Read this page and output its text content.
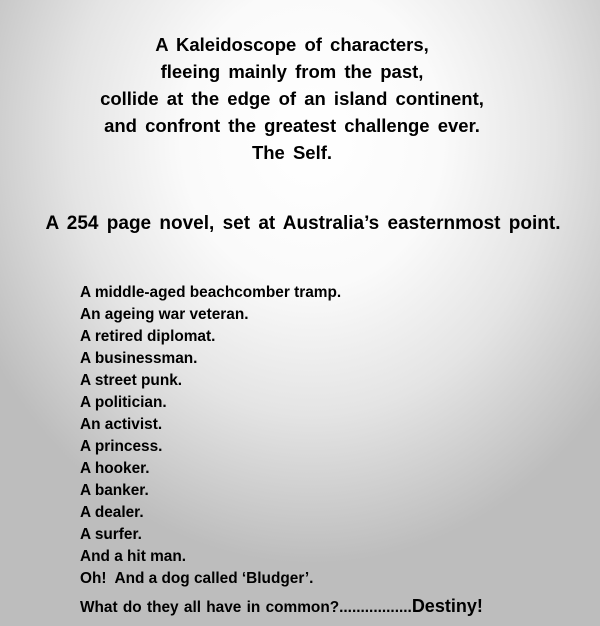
A Kaleidoscope of characters,
fleeing mainly from the past,
collide at the edge of an island continent,
and confront the greatest challenge ever.
The Self.
A 254 page novel, set at Australia’s easternmost point.
A middle-aged beachcomber tramp.
An ageing war veteran.
A retired diplomat.
A businessman.
A street punk.
A politician.
An activist.
A princess.
A hooker.
A banker.
A dealer.
A surfer.
And a hit man.
Oh!  And a dog called ‘Bludger’.
What do they all have in common?.................Destiny!
